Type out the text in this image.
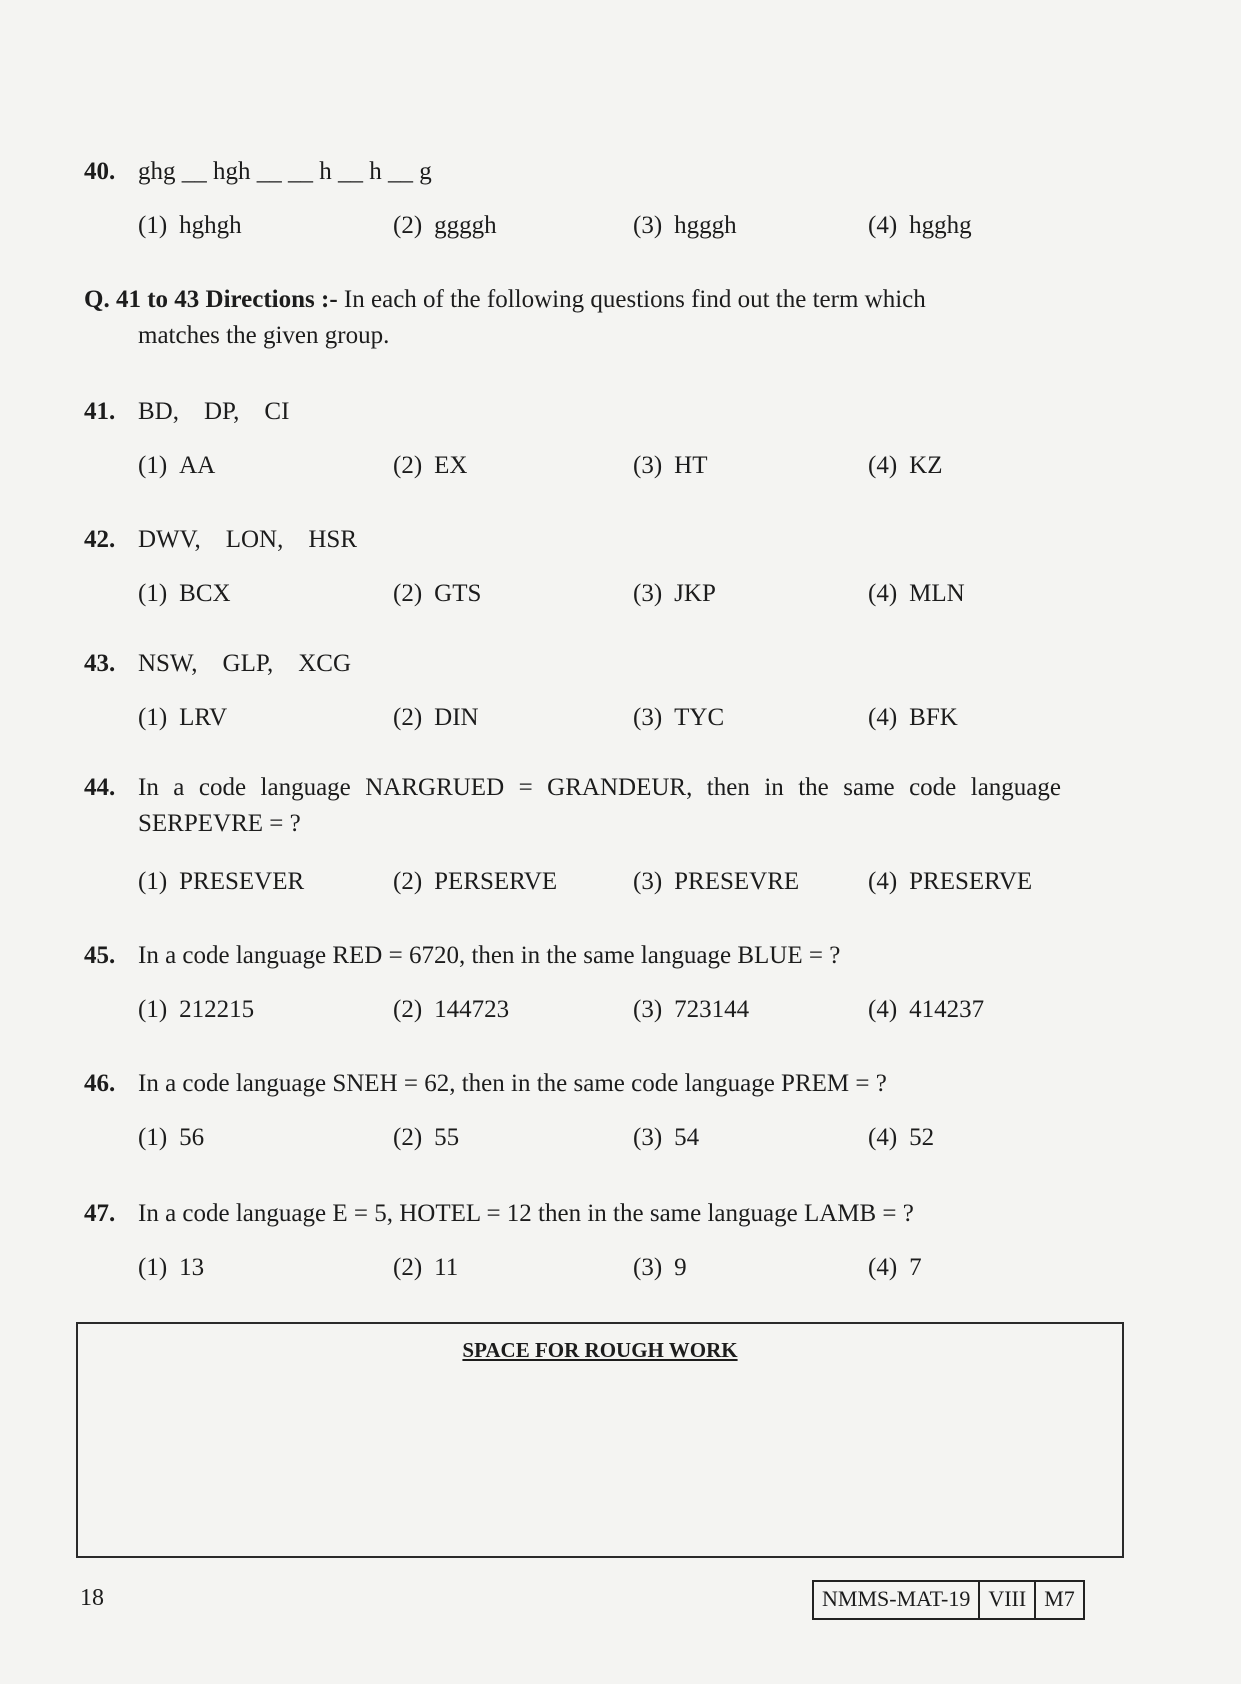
40. ghg __ hgh __ __ h __ h __ g
(1) hghgh	(2) ggggh	(3) hgggh	(4) hgghg
Q. 41 to 43 Directions :- In each of the following questions find out the term which
matches the given group.
41. BD,    DP,    CI
(1) AA	(2) EX	(3) HT	(4) KZ
42. DWV,    LON,    HSR
(1) BCX	(2) GTS	(3) JKP	(4) MLN
43. NSW,    GLP,    XCG
(1) LRV	(2) DIN	(3) TYC	(4) BFK
44. In a code language NARGRUED = GRANDEUR, then in the same code language SERPEVRE = ?
(1) PRESEVER	(2) PERSERVE	(3) PRESEVRE	(4) PRESERVE
45. In a code language RED = 6720, then in the same language BLUE = ?
(1) 212215	(2) 144723	(3) 723144	(4) 414237
46. In a code language SNEH = 62, then in the same code language PREM = ?
(1) 56	(2) 55	(3) 54	(4) 52
47. In a code language E = 5, HOTEL = 12 then in the same language LAMB = ?
(1) 13	(2) 11	(3) 9	(4) 7
SPACE FOR ROUGH WORK
18	NMMS-MAT-19 VIII M7
